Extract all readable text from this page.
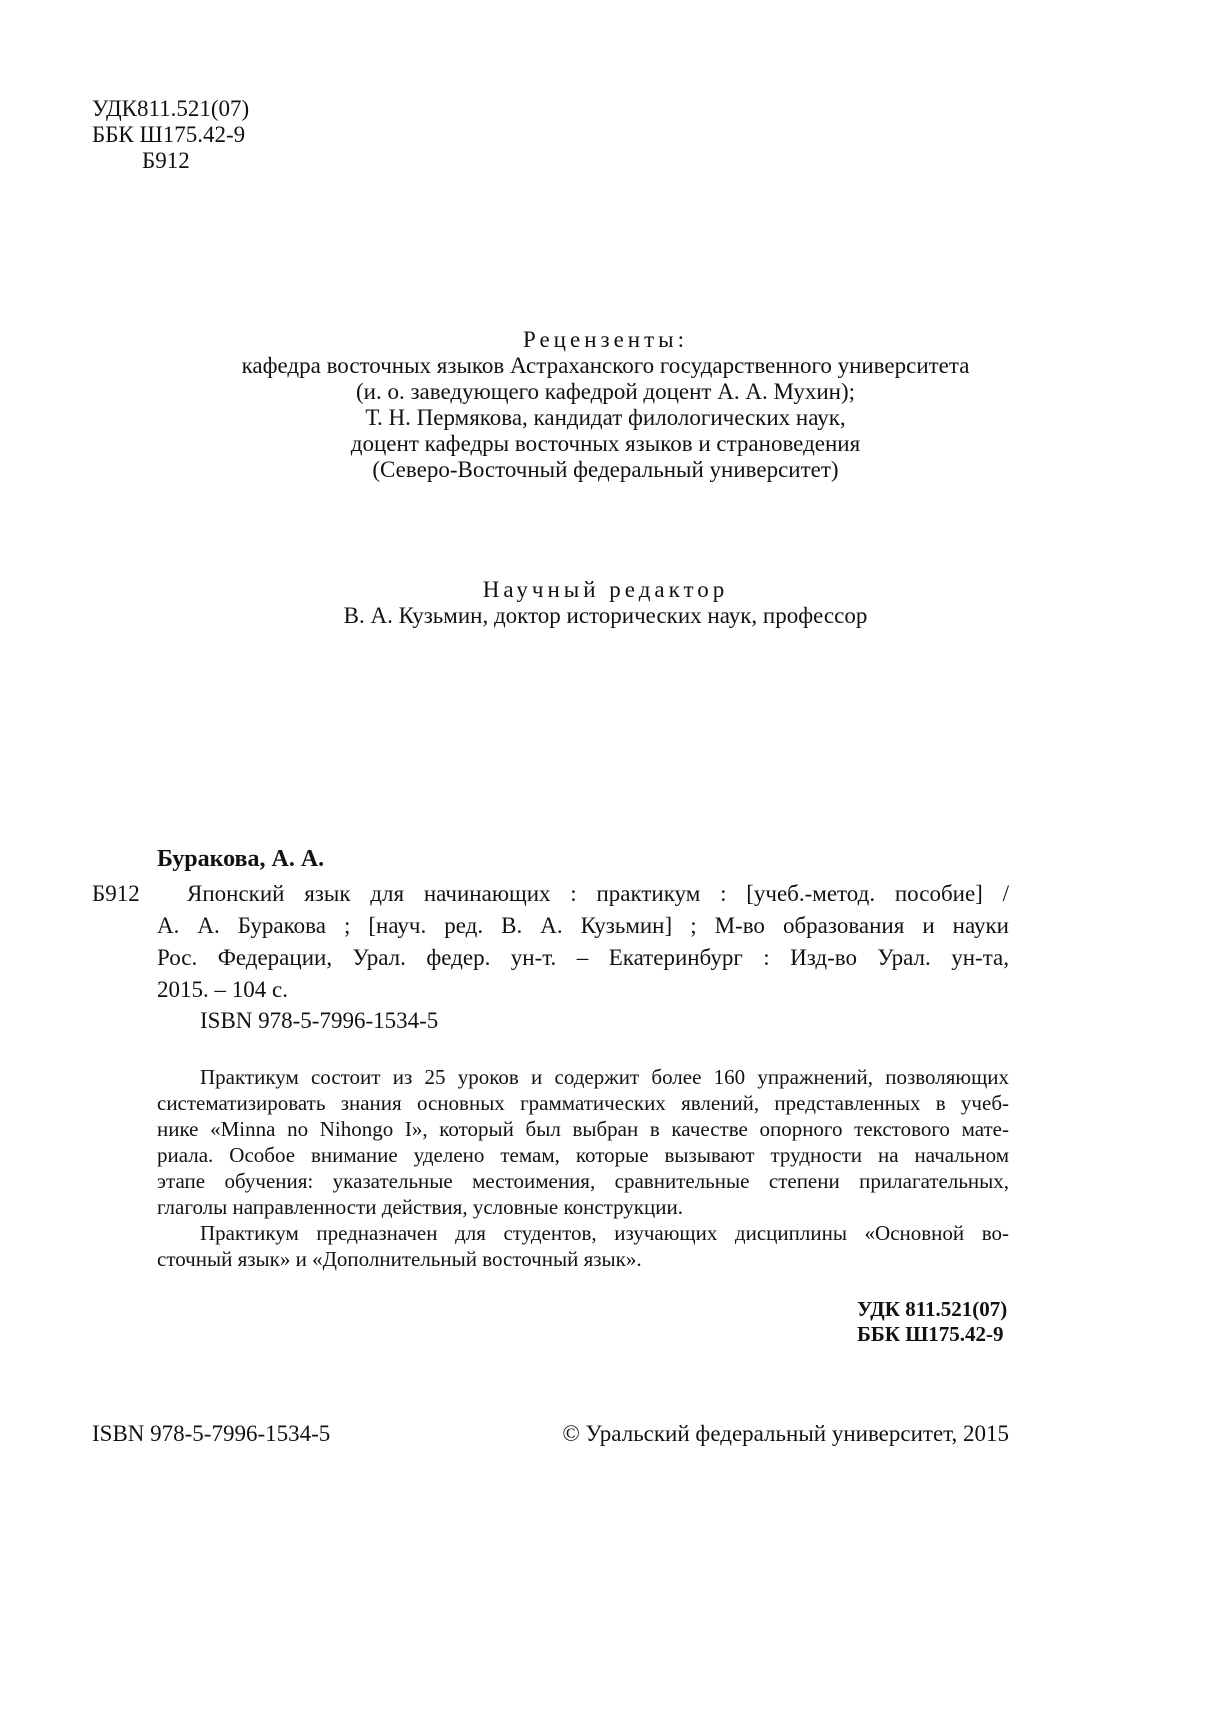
УДК811.521(07)
ББК Ш175.42-9
Б912
Рецензенты:
кафедра восточных языков Астраханского государственного университета
(и. о. заведующего кафедрой доцент А. А. Мухин);
Т. Н. Пермякова, кандидат филологических наук,
доцент кафедры восточных языков и страноведения
(Северо-Восточный федеральный университет)
Научный редактор
В. А. Кузьмин, доктор исторических наук, профессор
Буракова, А. А.
Б912 Японский язык для начинающих : практикум : [учеб.-метод. пособие] /
А. А. Буракова ; [науч. ред. В. А. Кузьмин] ; М-во образования и науки
Рос. Федерации, Урал. федер. ун-т. – Екатеринбург : Изд-во Урал. ун-та,
2015. – 104 с.
ISBN 978-5-7996-1534-5
Практикум состоит из 25 уроков и содержит более 160 упражнений, позволяющих
систематизировать знания основных грамматических явлений, представленных в учеб-
нике «Minna no Nihongo I», который был выбран в качестве опорного текстового мате-
риала. Особое внимание уделено темам, которые вызывают трудности на начальном
этапе обучения: указательные местоимения, сравнительные степени прилагательных,
глаголы направленности действия, условные конструкции.
Практикум предназначен для студентов, изучающих дисциплины «Основной во-
сточный язык» и «Дополнительный восточный язык».
УДК 811.521(07)
ББК Ш175.42-9
ISBN 978-5-7996-1534-5	© Уральский федеральный университет, 2015
